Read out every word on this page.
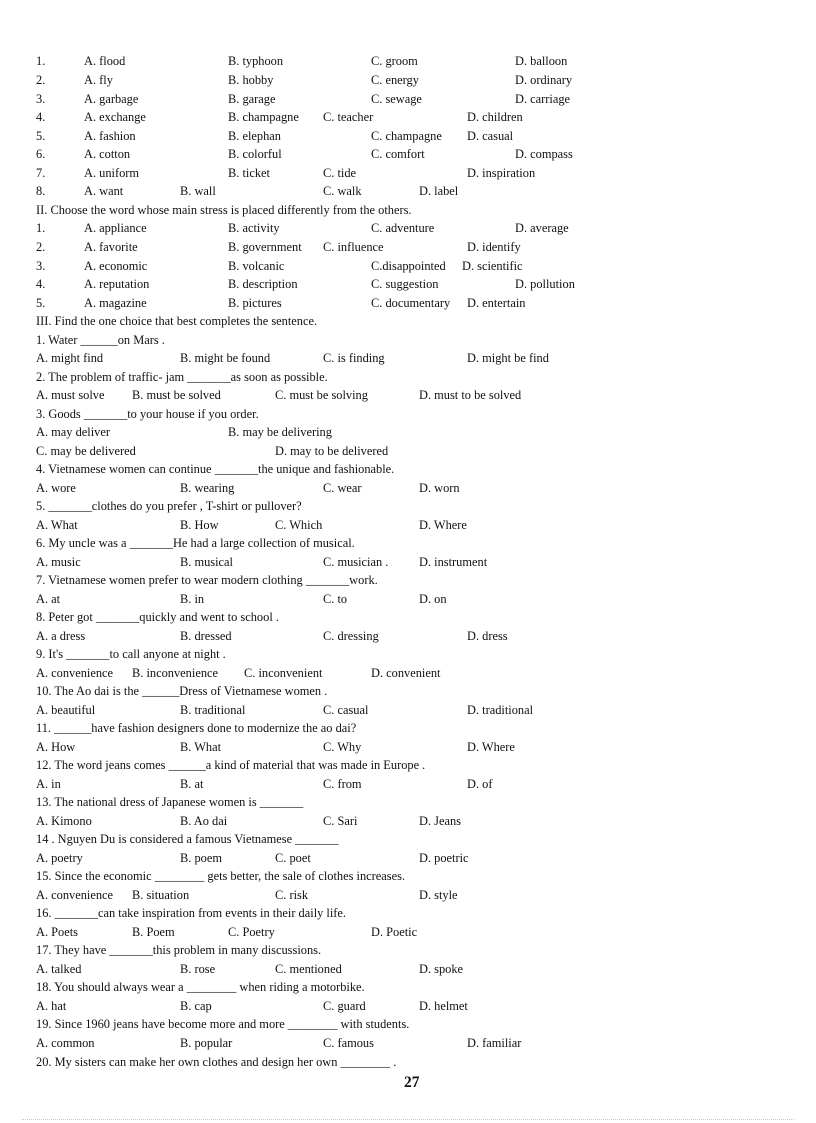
1.	A. flood	B. typhoon	C. groom	D. balloon
2.	A. fly	B. hobby	C. energy	D. ordinary
3.	A. garbage	B. garage	C. sewage	D. carriage
4.	A. exchange	B. champagne C. teacher	D. children
5.	A. fashion	B. elephan	C. champagne D. casual
6.	A. cotton	B. colorful	C. comfort	D. compass
7.	A. uniform	B. ticket	C. tide	D. inspiration
8.	A. want	B. wall	C. walk	D. label
II. Choose the word whose main stress is placed differently from the others.
1.	A. appliance	B. activity	C. adventure	D. average
2.	A. favorite	B. government C. influence	D. identify
3.	A. economic	B. volcanic	C.disappointed D. scientific
4.	A. reputation	B. description	C. suggestion	D. pollution
5.	A. magazine	B. pictures	C. documentary D. entertain
III. Find the one choice that best completes the sentence.
1. Water ______on Mars .
A. might find	B. might be found	C. is finding	D. might be find
2. The problem of traffic- jam _______as soon as possible.
A. must solve B. must be solved	C. must be solving	D. must to be solved
3. Goods _______to your house if you order.
A. may deliver	B. may be delivering
C. may be delivered	D. may to be delivered
4. Vietnamese women can continue _______the unique and fashionable.
A. wore	B. wearing	C. wear	D. worn
5. _______clothes do you prefer , T-shirt or pullover?
A. What	B. How	C. Which	D. Where
6. My uncle was a _______He had a large collection of musical.
A. music	B. musical	C. musician . D. instrument
7. Vietnamese women prefer to wear modern clothing _______work.
A. at	B. in	C. to	D. on
8. Peter got _______quickly and went to school .
A. a dress	B. dressed	C. dressing	D. dress
9. It's _______to call anyone at night .
A. convenience B. inconvenience C. inconvenient	D. convenient
10. The Ao dai is the ______Dress of Vietnamese women .
A. beautiful	B. traditional	C. casual	D. traditional
11. ______have fashion designers done to modernize the ao dai?
A. How	B. What	C. Why	D. Where
12. The word jeans comes ______a kind of material that was made in Europe .
A. in	B. at	C. from	D. of
13. The national dress of Japanese women is _______
A. Kimono	B. Ao dai	C. Sari	D. Jeans
14 . Nguyen Du is considered a famous Vietnamese _______
A. poetry	B. poem	C. poet	D. poetric
15. Since the economic ________ gets better, the sale of clothes increases.
A. convenience B. situation	C. risk	D. style
16. _______can take inspiration from events in their daily life.
A. Poets	B. Poem	C. Poetry	D. Poetic
17. They have _______this problem in many discussions.
A. talked	B. rose	C. mentioned	D. spoke
18. You should always wear a ________ when riding a motorbike.
A. hat	B. cap	C. guard	D. helmet
19. Since 1960 jeans have become more and more ________ with students.
A. common	B. popular	C. famous	D. familiar
20. My sisters can make her own clothes and design her own ________ .
27
